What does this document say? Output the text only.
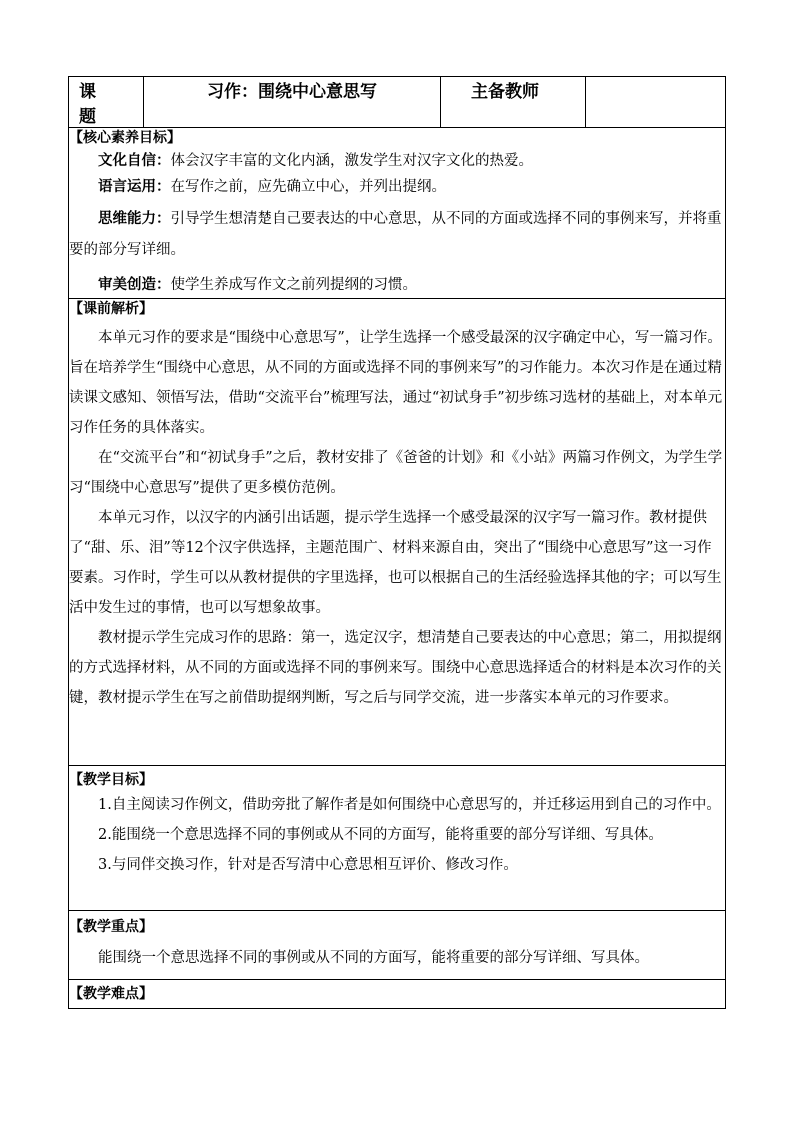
课 题	习作：围绕中心意思写	主备教师	

【核心素养目标】

文化自信：体会汉字丰富的文化内涵，激发学生对汉字文化的热爱。

语言运用：在写作之前，应先确立中心，并列出提纲。

思维能力：引导学生想清楚自己要表达的中心意思，从不同的方面或选择不同的事例来写，并将重要的部分写详细。

审美创造：使学生养成写作文之前列提纲的习惯。

【课前解析】

本单元习作的要求是“围绕中心意思写”，让学生选择一个感受最深的汉字确定中心，写一篇习作。旨在培养学生“围绕中心意思，从不同的方面或选择不同的事例来写”的习作能力。本次习作是在通过精读课文感知、领悟写法，借助“交流平台”梳理写法，通过“初试身手”初步练习选材的基础上，对本单元习作任务的具体落实。

在“交流平台”和“初试身手”之后，教材安排了《爸爸的计划》和《小站》两篇习作例文，为学生学习“围绕中心意思写”提供了更多模仿范例。

本单元习作，以汉字的内涵引出话题，提示学生选择一个感受最深的汉字写一篇习作。教材提供了“甜、乐、泪”等12个汉字供选择，主题范围广、材料来源自由，突出了“围绕中心意思写”这一习作要素。习作时，学生可以从教材提供的字里选择，也可以根据自己的生活经验选择其他的字；可以写生活中发生过的事情，也可以写想象故事。

教材提示学生完成习作的思路：第一，选定汉字，想清楚自己要表达的中心意思；第二，用拟提纲的方式选择材料，从不同的方面或选择不同的事例来写。围绕中心意思选择适合的材料是本次习作的关键，教材提示学生在写之前借助提纲判断，写之后与同学交流，进一步落实本单元的习作要求。

【教学目标】

1.自主阅读习作例文，借助旁批了解作者是如何围绕中心意思写的，并迁移运用到自己的习作中。

2.能围绕一个意思选择不同的事例或从不同的方面写，能将重要的部分写详细、写具体。

3.与同伴交换习作，针对是否写清中心意思相互评价、修改习作。

【教学重点】

能围绕一个意思选择不同的事例或从不同的方面写，能将重要的部分写详细、写具体。

【教学难点】
